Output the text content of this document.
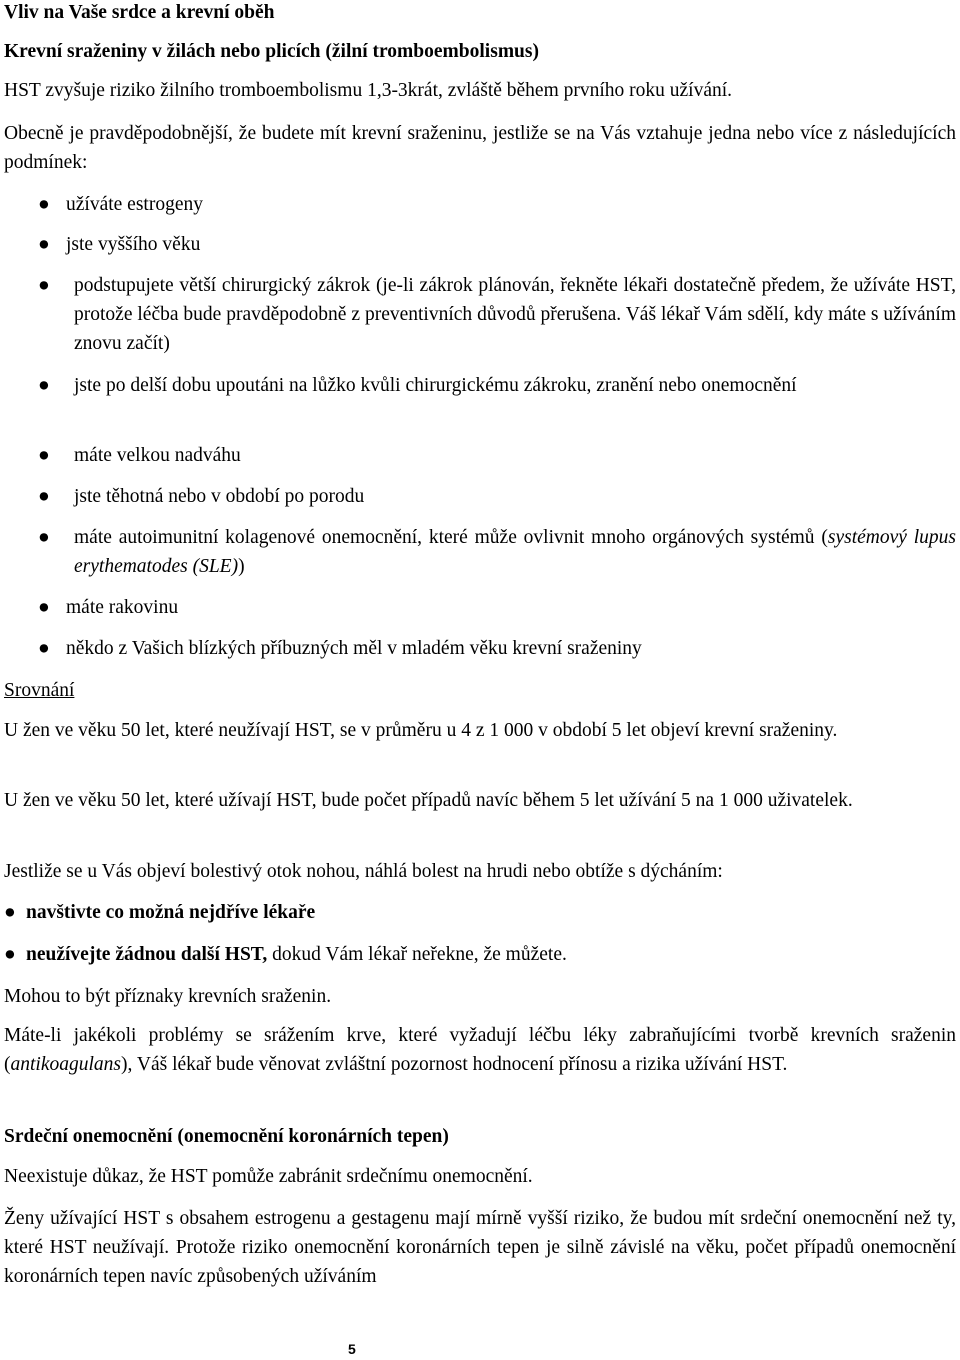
Vliv na Vaše srdce a krevní oběh

Krevní sraženiny v žilách nebo plicích (žilní tromboembolismus)

HST zvyšuje riziko žilního tromboembolismu 1,3-3krát, zvláště během prvního roku užívání.

Obecně je pravděpodobnější, že budete mít krevní sraženinu, jestliže se na Vás vztahuje jedna nebo více z následujících podmínek:

● užíváte estrogeny
● jste vyššího věku
● podstupujete větší chirurgický zákrok (je-li zákrok plánován, řekněte lékaři dostatečně předem, že užíváte HST, protože léčba bude pravděpodobně z preventivních důvodů přerušena. Váš lékař Vám sdělí, kdy máte s užíváním znovu začít)
● jste po delší dobu upoutáni na lůžko kvůli chirurgickému zákroku, zranění nebo onemocnění
● máte velkou nadváhu
● jste těhotná nebo v období po porodu
● máte autoimunitní kolagenové onemocnění, které může ovlivnit mnoho orgánových systémů (systémový lupus erythematodes (SLE))
● máte rakovinu
● někdo z Vašich blízkých příbuzných měl v mladém věku krevní sraženiny

Srovnání

U žen ve věku 50 let, které neužívají HST, se v průměru u 4 z 1 000 v období 5 let objeví krevní sraženiny.

U žen ve věku 50 let, které užívají HST, bude počet případů navíc během 5 let užívání 5 na 1 000 uživatelek.

Jestliže se u Vás objeví bolestivý otok nohou, náhlá bolest na hrudi nebo obtíže s dýcháním:

● navštivte co možná nejdříve lékaře
● neužívejte žádnou další HST, dokud Vám lékař neřekne, že můžete.

Mohou to být příznaky krevních sraženin.

Máte-li jakékoli problémy se srážením krve, které vyžadují léčbu léky zabraňujícími tvorbě krevních sraženin (antikoagulans), Váš lékař bude věnovat zvláštní pozornost hodnocení přínosu a rizika užívání HST.

Srdeční onemocnění (onemocnění koronárních tepen)

Neexistuje důkaz, že HST pomůže zabránit srdečnímu onemocnění.

Ženy užívající HST s obsahem estrogenu a gestagenu mají mírně vyšší riziko, že budou mít srdeční onemocnění než ty, které HST neužívají. Protože riziko onemocnění koronárních tepen je silně závislé na věku, počet případů onemocnění koronárních tepen navíc způsobených užíváním

5
